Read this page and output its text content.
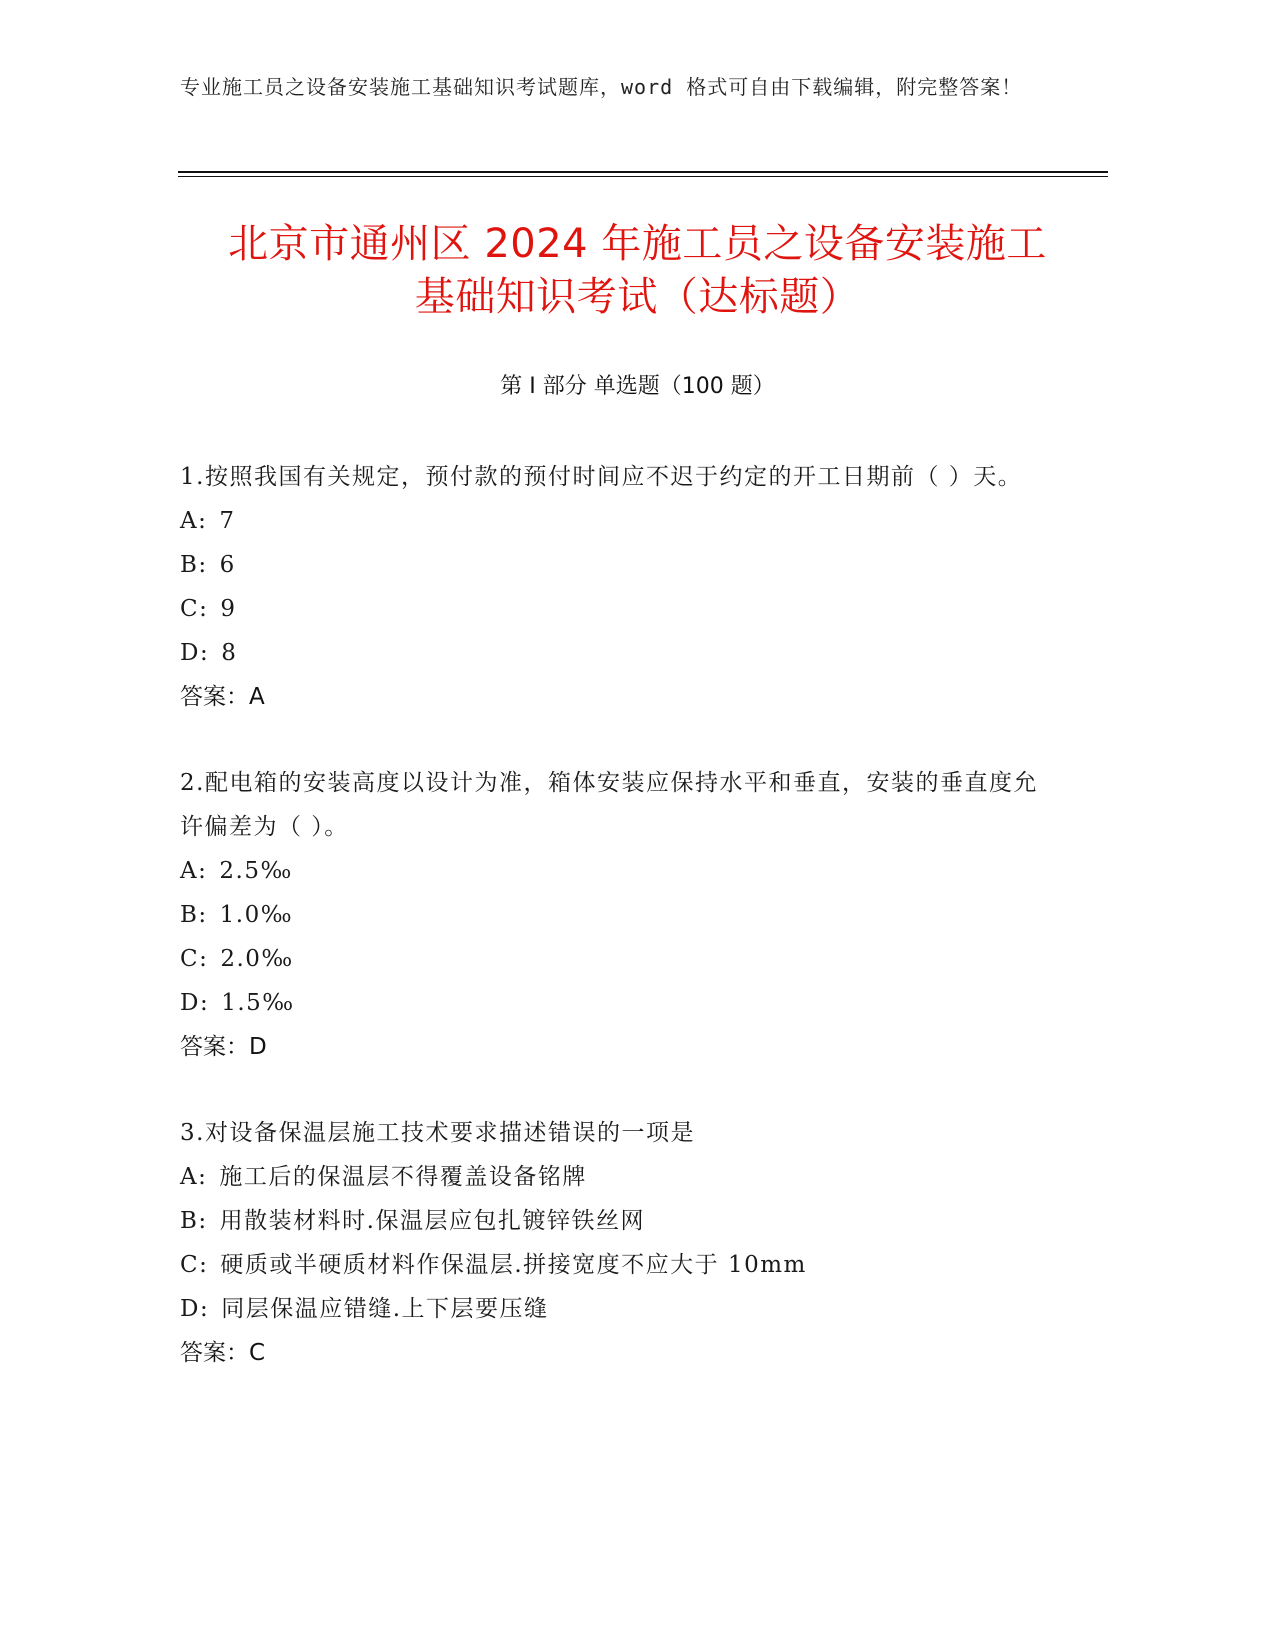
专业施工员之设备安装施工基础知识考试题库，word 格式可自由下载编辑，附完整答案！
北京市通州区 2024 年施工员之设备安装施工
基础知识考试（达标题）
第 I 部分 单选题（100 题）
1.按照我国有关规定，预付款的预付时间应不迟于约定的开工日期前（ ）天。
A: 7
B: 6
C: 9
D: 8
答案：A
2.配电箱的安装高度以设计为准，箱体安装应保持水平和垂直，安装的垂直度允许偏差为（ ）。
A: 2.5‰
B: 1.0‰
C: 2.0‰
D: 1.5‰
答案：D
3.对设备保温层施工技术要求描述错误的一项是
A: 施工后的保温层不得覆盖设备铭牌
B: 用散装材料时.保温层应包扎镀锌铁丝网
C: 硬质或半硬质材料作保温层.拼接宽度不应大于 10mm
D: 同层保温应错缝.上下层要压缝
答案：C
